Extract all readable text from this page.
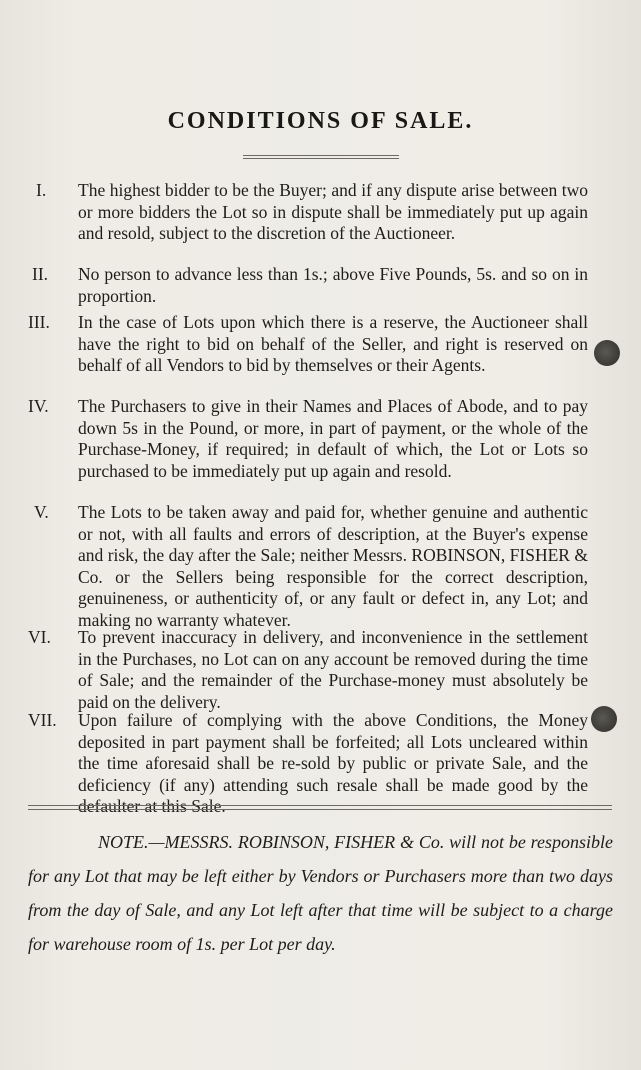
CONDITIONS OF SALE.
I. The highest bidder to be the Buyer; and if any dispute arise between two or more bidders the Lot so in dispute shall be immediately put up again and resold, subject to the discretion of the Auctioneer.
II. No person to advance less than 1s.; above Five Pounds, 5s. and so on in proportion.
III. In the case of Lots upon which there is a reserve, the Auctioneer shall have the right to bid on behalf of the Seller, and right is reserved on behalf of all Vendors to bid by themselves or their Agents.
IV. The Purchasers to give in their Names and Places of Abode, and to pay down 5s in the Pound, or more, in part of payment, or the whole of the Purchase-Money, if required; in default of which, the Lot or Lots so purchased to be immediately put up again and resold.
V. The Lots to be taken away and paid for, whether genuine and authentic or not, with all faults and errors of description, at the Buyer's expense and risk, the day after the Sale; neither Messrs. ROBINSON, FISHER & Co. or the Sellers being responsible for the correct description, genuineness, or authenticity of, or any fault or defect in, any Lot; and making no warranty whatever.
VI. To prevent inaccuracy in delivery, and inconvenience in the settlement in the Purchases, no Lot can on any account be removed during the time of Sale; and the remainder of the Purchase-money must absolutely be paid on the delivery.
VII. Upon failure of complying with the above Conditions, the Money deposited in part payment shall be forfeited; all Lots uncleared within the time aforesaid shall be re-sold by public or private Sale, and the deficiency (if any) attending such resale shall be made good by the defaulter at this Sale.
NOTE.—MESSRS. ROBINSON, FISHER & Co. will not be responsible for any Lot that may be left either by Vendors or Purchasers more than two days from the day of Sale, and any Lot left after that time will be subject to a charge for warehouse room of 1s. per Lot per day.
